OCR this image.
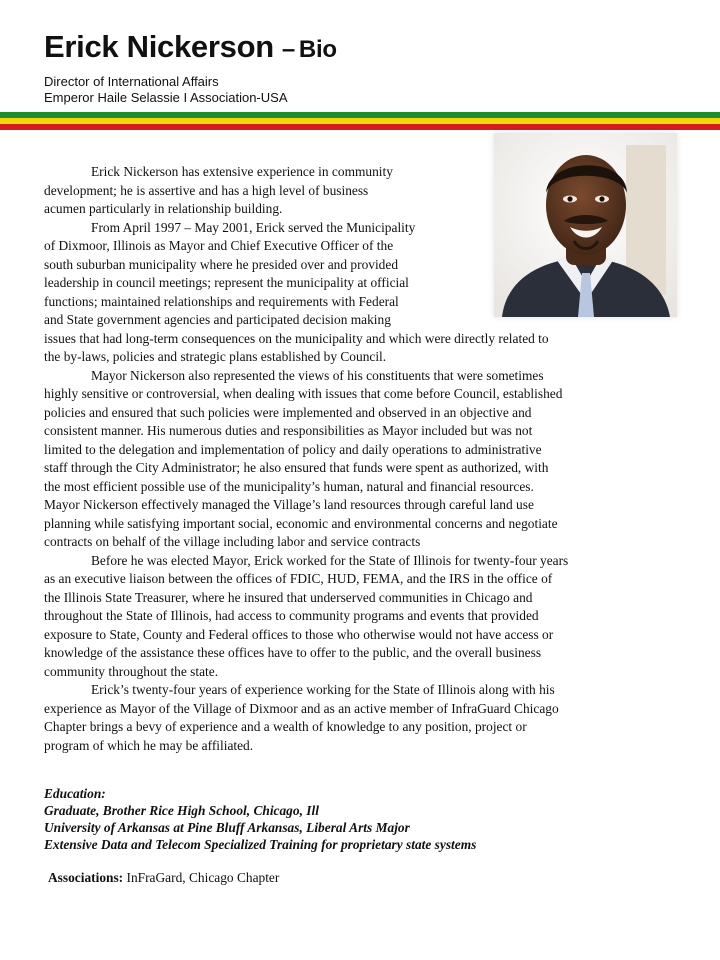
Erick Nickerson – Bio
Director of International Affairs
Emperor Haile Selassie I Association-USA
Erick Nickerson has extensive experience in community
development; he is assertive and has a high level of business
acumen particularly in relationship building.
From April 1997 – May 2001, Erick served the Municipality
of Dixmoor, Illinois as Mayor and Chief Executive Officer of the
south suburban municipality where he presided over and provided
leadership in council meetings; represent the municipality at official
functions; maintained relationships and requirements with Federal
and State government agencies and participated decision making
issues that had long-term consequences on the municipality and which were directly related to
the by-laws, policies and strategic plans established by Council.
Mayor Nickerson also represented the views of his constituents that were sometimes
highly sensitive or controversial, when dealing with issues that come before Council, established
policies and ensured that such policies were implemented and observed in an objective and
consistent manner. His numerous duties and responsibilities as Mayor included but was not
limited to the delegation and implementation of policy and daily operations to administrative
staff through the City Administrator; he also ensured that funds were spent as authorized, with
the most efficient possible use of the municipality’s human, natural and financial resources.
Mayor Nickerson effectively managed the Village’s land resources through careful land use
planning while satisfying important social, economic and environmental concerns and negotiate
contracts on behalf of the village including labor and service contracts
Before he was elected Mayor, Erick worked for the State of Illinois for twenty-four years
as an executive liaison between the offices of FDIC, HUD, FEMA, and the IRS in the office of
the Illinois State Treasurer, where he insured that underserved communities in Chicago and
throughout the State of Illinois, had access to community programs and events that provided
exposure to State, County and Federal offices to those who otherwise would not have access or
knowledge of the assistance these offices have to offer to the public, and the overall business
community throughout the state.
Erick’s twenty-four years of experience working for the State of Illinois along with his
experience as Mayor of the Village of Dixmoor and as an active member of InfraGuard Chicago
Chapter brings a bevy of experience and a wealth of knowledge to any position, project or
program of which he may be affiliated.
Education:
Graduate, Brother Rice High School, Chicago, Ill
University of Arkansas at Pine Bluff Arkansas, Liberal Arts Major
Extensive Data and Telecom Specialized Training for proprietary state systems
Associations: InFraGard, Chicago Chapter
